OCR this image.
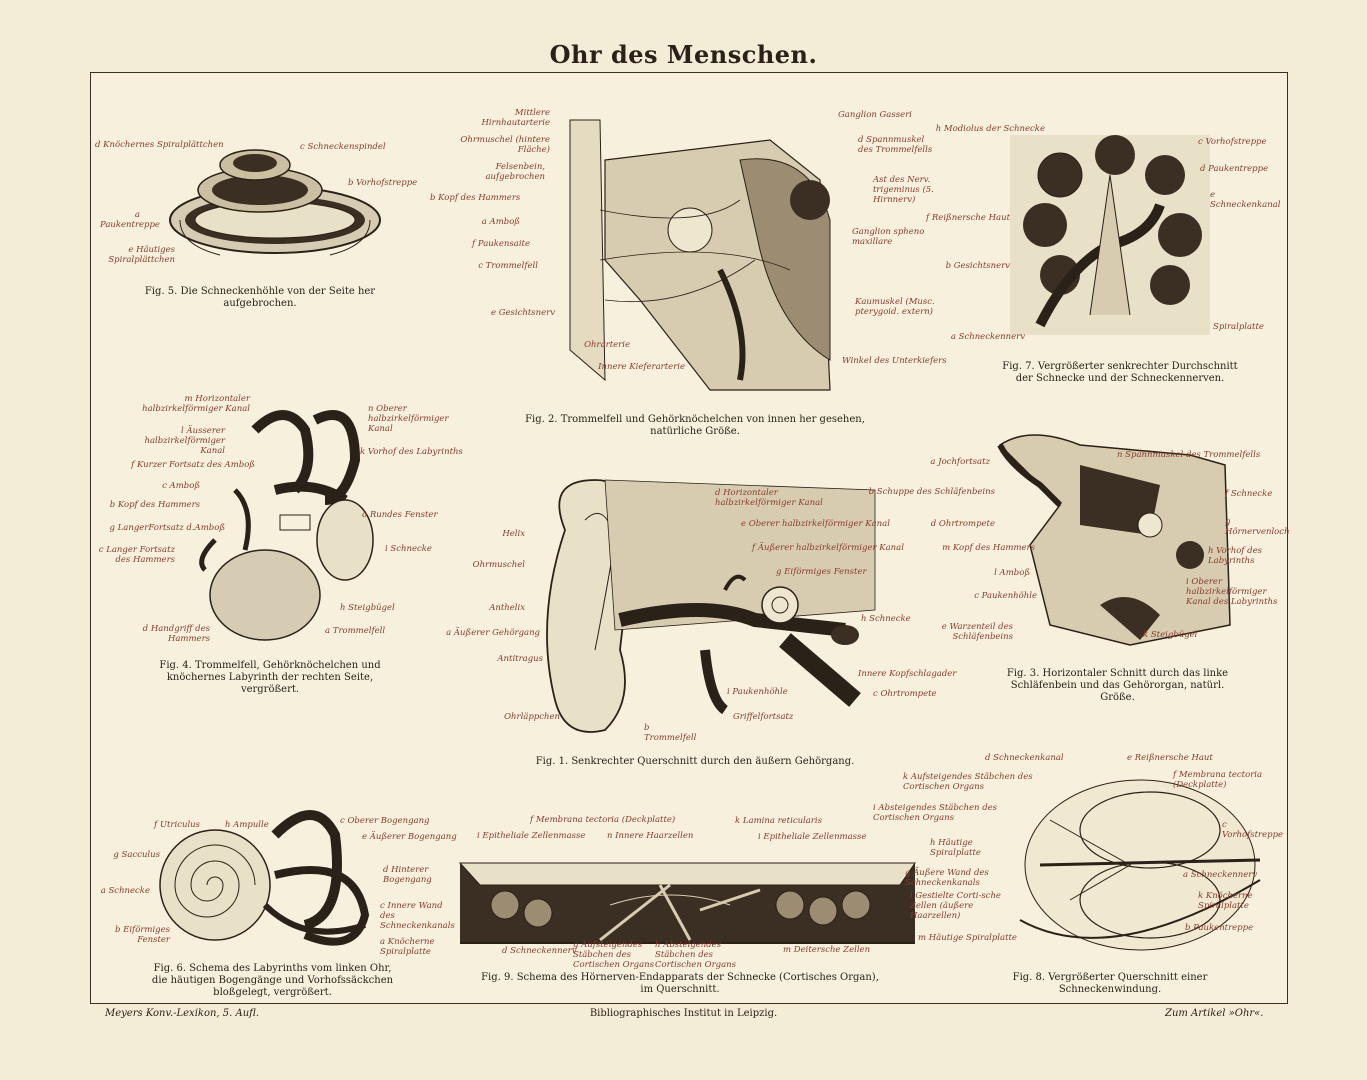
Ohr des Menschen.
d Knöchernes Spiralplättchen	c Schneckenspindel
b Vorhofstreppe
a Paukentreppe
e Häutiges Spiralplättchen
Fig. 5. Die Schneckenhöhle von der Seite her aufgebrochen.
Mittlere Hirnhautarterie
Ohrmuschel (hintere Fläche)
Felsenbein, aufgebrochen
b Kopf des Hammers
a Amboß
f Paukensaite
c Trommelfell
e Gesichtsnerv
Ohrarterie
Innere Kieferarterie
Ganglion Gasseri
d Spannmuskel des Trommelfells
Ast des Nerv. trigeminus (5. Hirnnerv)
Ganglion spheno maxillare
Kaumuskel (Musc. pterygoid. extern)
Winkel des Unterkiefers
Fig. 2. Trommelfell und Gehörknöchelchen von innen her gesehen, natürliche Größe.
h Modiolus der Schnecke
c Vorhofstreppe
d Paukentreppe
e Schneckenkanal
f Reißnersche Haut
b Gesichtsnerv
a Schneckennerv
Spiralplatte
Fig. 7. Vergrößerter senkrechter Durchschnitt der Schnecke und der Schneckennerven.
m Horizontaler halbzirkelförmiger Kanal
l Äusserer halbzirkelförmiger Kanal
f Kurzer Fortsatz des Amboß
c Amboß
b Kopf des Hammers
g LangerFortsatz d.Amboß
c Langer Fortsatz des Hammers
d Handgriff des Hammers
n Oberer halbzirkelförmiger Kanal
k Vorhof des Labyrinths
o Rundes Fenster
i Schnecke
h Steigbügel
a Trommelfell
Fig. 4. Trommelfell, Gehörknöchelchen und knöchernes Labyrinth der rechten Seite, vergrößert.
Helix
Ohrmuschel
Anthelix
a Äußerer Gehörgang
Antitragus
Ohrläppchen
d Horizontaler halbzirkelförmiger Kanal
e Oberer halbzirkelförmiger Kanal
f Äußerer halbzirkelförmiger Kanal
g Eiförmiges Fenster
h Schnecke
Innere Kopfschlagader
c Ohrtrompete
i Paukenhöhle
Griffelfortsatz
b Trommelfell
Fig. 1. Senkrechter Querschnitt durch den äußern Gehörgang.
a Jochfortsatz
b Schuppe des Schläfenbeins
d Ohrtrompete
m Kopf des Hammers
l Amboß
c Paukenhöhle
e Warzenteil des Schläfenbeins
n Spannmuskel des Trommelfells
f Schnecke
g Hörnervenloch
h Vorhof des Labyrinths
i Oberer halbzirkelförmiger Kanal des Labyrinths
k Steigbügel
Fig. 3. Horizontaler Schnitt durch das linke Schläfenbein und das Gehörorgan, natürl. Größe.
f Utriculus	h Ampulle	c Oberer Bogengang
g Sacculus
e Äußerer Bogengang
a Schnecke
d Hinterer Bogengang
b Eiförmiges Fenster
c Innere Wand des Schneckenkanals
a Knöcherne Spiralplatte
Fig. 6. Schema des Labyrinths vom linken Ohr, die häutigen Bogengänge und Vorhofssäckchen bloßgelegt, vergrößert.
f Membrana tectoria (Deckplatte)	k Lamina reticularis
i Epitheliale Zellenmasse	n Innere Haarzellen	i Epitheliale Zellenmasse
d Schneckennerv
g Aufsteigendes Stäbchen des Cortischen Organs
h Absteigendes Stäbchen des Cortischen Organs
m Deitersche Zellen
Fig. 9. Schema des Hörnerven-Endapparats der Schnecke (Cortisches Organ), im Querschnitt.
d Schneckenkanal
k Aufsteigendes Stäbchen des Cortischen Organs
i Absteigendes Stäbchen des Cortischen Organs
h Häutige Spiralplatte
g Äußere Wand des Schneckenkanals
l Gestielte Corti-sche Zellen (äußere Haarzellen)
m Häutige Spiralplatte
e Reißnersche Haut
f Membrana tectoria (Deckplatte)
c Vorhofstreppe
a Schneckennerv
k Knöcherne Spiralplatte
b Paukentreppe
Fig. 8. Vergrößerter Querschnitt einer Schneckenwindung.
Meyers Konv.-Lexikon, 5. Aufl.	Bibliographisches Institut in Leipzig.	Zum Artikel »Ohr«.
